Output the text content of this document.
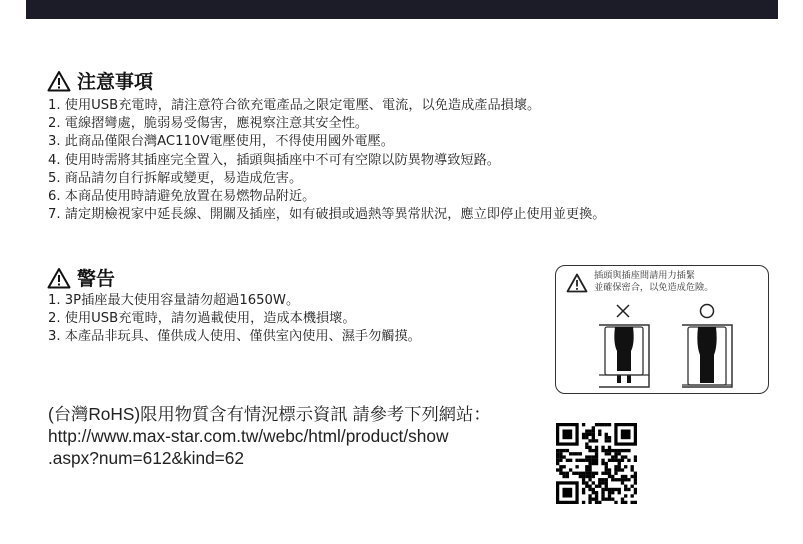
注意事項
1. 使用USB充電時，請注意符合欲充電產品之限定電壓、電流，以免造成產品損壞。
2. 電線摺彎處，脆弱易受傷害，應視察注意其安全性。
3. 此商品僅限台灣AC110V電壓使用，不得使用國外電壓。
4. 使用時需將其插座完全置入，插頭與插座中不可有空隙以防異物導致短路。
5. 商品請勿自行拆解或變更，易造成危害。
6. 本商品使用時請避免放置在易燃物品附近。
7. 請定期檢視家中延長線、開關及插座，如有破損或過熱等異常狀況，應立即停止使用並更換。
警告
1. 3P插座最大使用容量請勿超過1650W。
2. 使用USB充電時，請勿過載使用，造成本機損壞。
3. 本產品非玩具、僅供成人使用、僅供室內使用、濕手勿觸摸。
插頭與插座間請用力插緊
並確保密合，以免造成危險。
(台灣RoHS)限用物質含有情況標示資訊 請參考下列網站：
http://www.max-star.com.tw/webc/html/product/show
.aspx?num=612&kind=62
